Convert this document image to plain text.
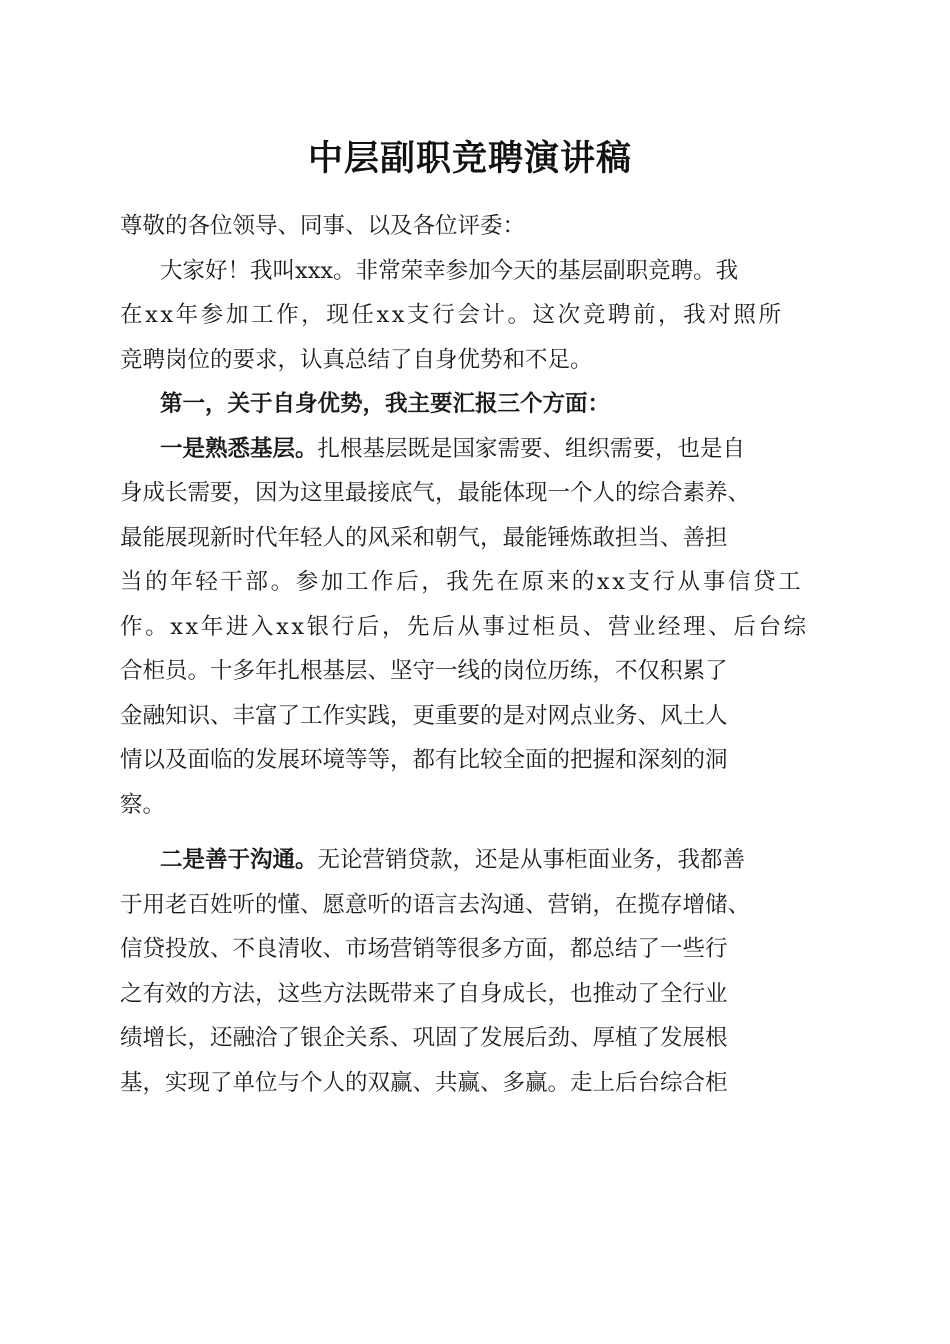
中层副职竞聘演讲稿
尊敬的各位领导、同事、以及各位评委：
大家好！我叫xxx。非常荣幸参加今天的基层副职竞聘。我
在xx年参加工作，现任xx支行会计。这次竞聘前，我对照所
竞聘岗位的要求，认真总结了自身优势和不足。
第一，关于自身优势，我主要汇报三个方面：
一是熟悉基层。扎根基层既是国家需要、组织需要，也是自
身成长需要，因为这里最接底气，最能体现一个人的综合素养、
最能展现新时代年轻人的风采和朝气，最能锤炼敢担当、善担
当的年轻干部。参加工作后，我先在原来的xx支行从事信贷工
作。xx年进入xx银行后，先后从事过柜员、营业经理、后台综
合柜员。十多年扎根基层、坚守一线的岗位历练，不仅积累了
金融知识、丰富了工作实践，更重要的是对网点业务、风土人
情以及面临的发展环境等等，都有比较全面的把握和深刻的洞
察。
二是善于沟通。无论营销贷款，还是从事柜面业务，我都善
于用老百姓听的懂、愿意听的语言去沟通、营销，在揽存增储、
信贷投放、不良清收、市场营销等很多方面，都总结了一些行
之有效的方法，这些方法既带来了自身成长，也推动了全行业
绩增长，还融洽了银企关系、巩固了发展后劲、厚植了发展根
基，实现了单位与个人的双赢、共赢、多赢。走上后台综合柜
